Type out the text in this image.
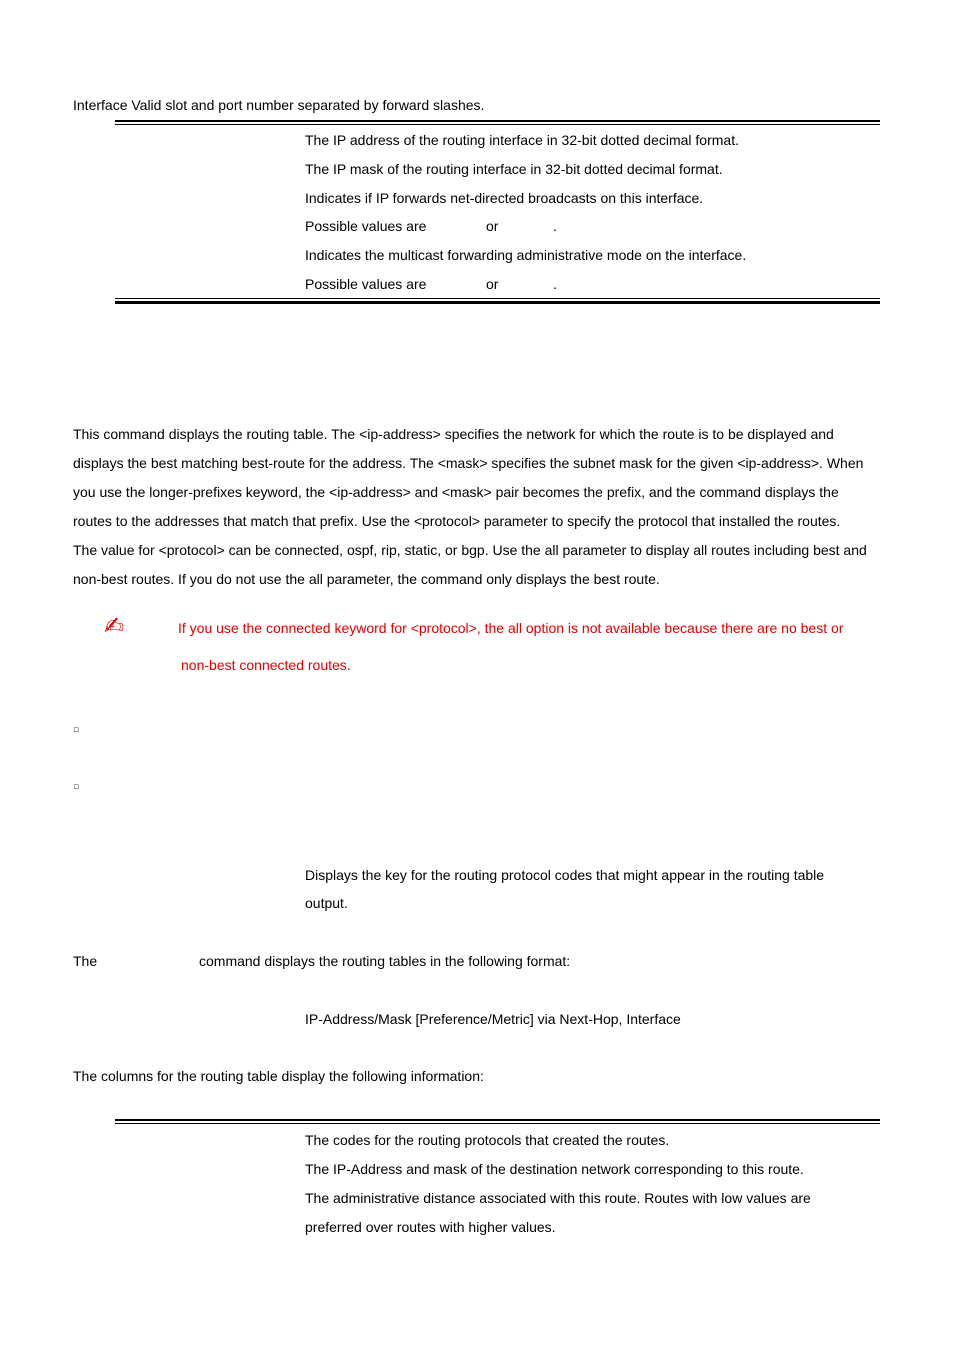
Interface Valid slot and port number separated by forward slashes.
The IP address of the routing interface in 32-bit dotted decimal format.
The IP mask of the routing interface in 32-bit dotted decimal format.
Indicates if IP forwards net-directed broadcasts on this interface.
Possible values are	or	.
Indicates the multicast forwarding administrative mode on the interface.
Possible values are	or	.

This command displays the routing table. The <ip-address> specifies the network for which the route is to be displayed and

displays the best matching best-route for the address. The <mask> specifies the subnet mask for the given <ip-address>. When

you use the longer-prefixes keyword, the <ip-address> and <mask> pair becomes the prefix, and the command displays the

routes to the addresses that match that prefix. Use the <protocol> parameter to specify the protocol that installed the routes.

The value for <protocol> can be connected, ospf, rip, static, or bgp. Use the all parameter to display all routes including best and

non-best routes. If you do not use the all parameter, the command only displays the best route.

✍	If you use the connected keyword for <protocol>, the all option is not available because there are no best or
non-best connected routes.
▫
▫
Displays the key for the routing protocol codes that might appear in the routing table
output.
The	command displays the routing tables in the following format:
IP-Address/Mask [Preference/Metric] via Next-Hop, Interface
The columns for the routing table display the following information:
The codes for the routing protocols that created the routes.
The IP-Address and mask of the destination network corresponding to this route.
The administrative distance associated with this route. Routes with low values are
preferred over routes with higher values.
